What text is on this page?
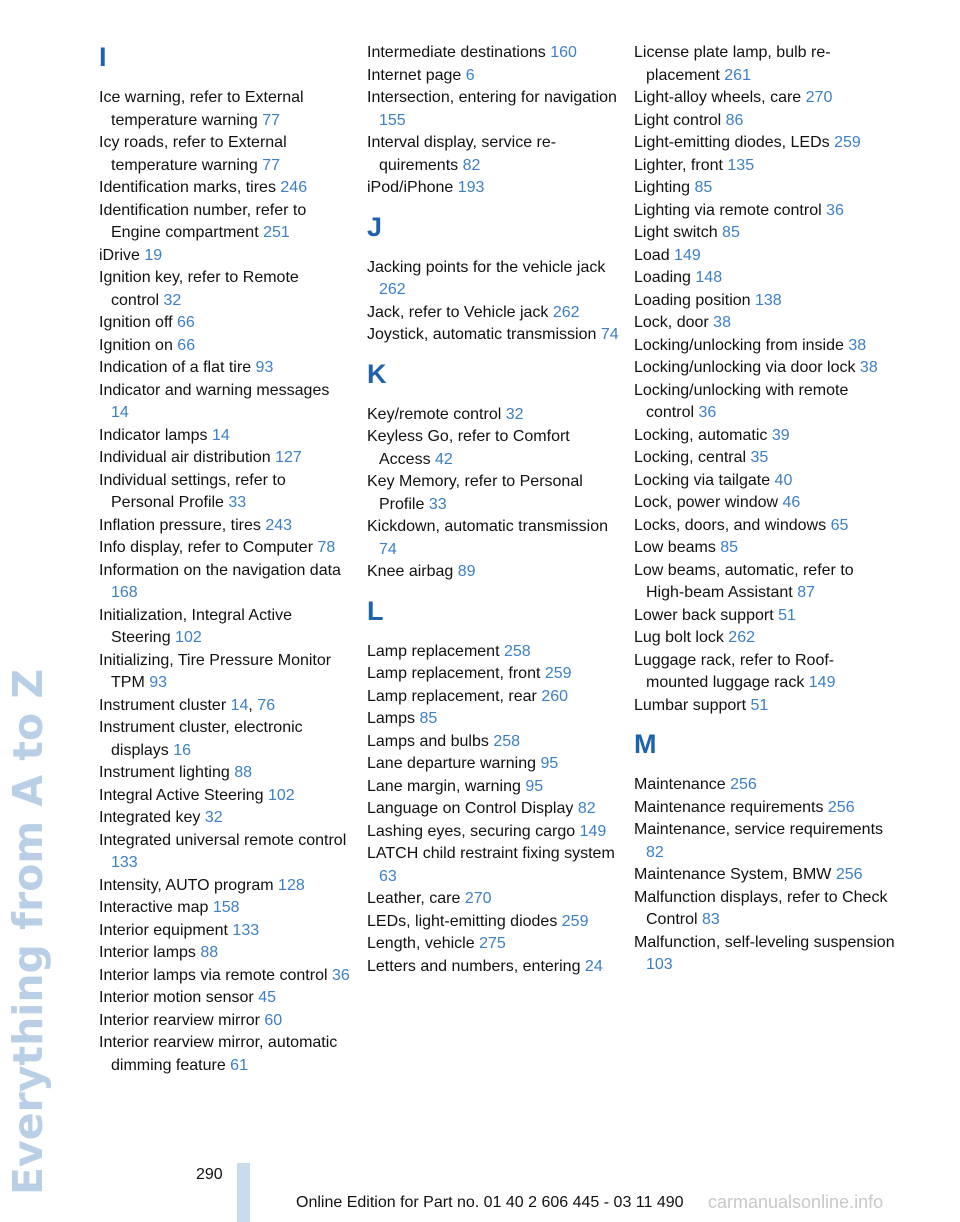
Everything from A to Z
I
Ice warning, refer to External temperature warning 77
Icy roads, refer to External temperature warning 77
Identification marks, tires 246
Identification number, refer to Engine compartment 251
iDrive 19
Ignition key, refer to Remote control 32
Ignition off 66
Ignition on 66
Indication of a flat tire 93
Indicator and warning messages 14
Indicator lamps 14
Individual air distribution 127
Individual settings, refer to Personal Profile 33
Inflation pressure, tires 243
Info display, refer to Computer 78
Information on the navigation data 168
Initialization, Integral Active Steering 102
Initializing, Tire Pressure Monitor TPM 93
Instrument cluster 14, 76
Instrument cluster, electronic displays 16
Instrument lighting 88
Integral Active Steering 102
Integrated key 32
Integrated universal remote control 133
Intensity, AUTO program 128
Interactive map 158
Interior equipment 133
Interior lamps 88
Interior lamps via remote control 36
Interior motion sensor 45
Interior rearview mirror 60
Interior rearview mirror, automatic dimming feature 61
Intermediate destinations 160
Internet page 6
Intersection, entering for navigation 155
Interval display, service requirements 82
iPod/iPhone 193
J
Jacking points for the vehicle jack 262
Jack, refer to Vehicle jack 262
Joystick, automatic transmission 74
K
Key/remote control 32
Keyless Go, refer to Comfort Access 42
Key Memory, refer to Personal Profile 33
Kickdown, automatic transmission 74
Knee airbag 89
L
Lamp replacement 258
Lamp replacement, front 259
Lamp replacement, rear 260
Lamps 85
Lamps and bulbs 258
Lane departure warning 95
Lane margin, warning 95
Language on Control Display 82
Lashing eyes, securing cargo 149
LATCH child restraint fixing system 63
Leather, care 270
LEDs, light-emitting diodes 259
Length, vehicle 275
Letters and numbers, entering 24
License plate lamp, bulb replacement 261
Light-alloy wheels, care 270
Light control 86
Light-emitting diodes, LEDs 259
Lighter, front 135
Lighting 85
Lighting via remote control 36
Light switch 85
Load 149
Loading 148
Loading position 138
Lock, door 38
Locking/unlocking from inside 38
Locking/unlocking via door lock 38
Locking/unlocking with remote control 36
Locking, automatic 39
Locking, central 35
Locking via tailgate 40
Lock, power window 46
Locks, doors, and windows 65
Low beams 85
Low beams, automatic, refer to High-beam Assistant 87
Lower back support 51
Lug bolt lock 262
Luggage rack, refer to Roof-mounted luggage rack 149
Lumbar support 51
M
Maintenance 256
Maintenance requirements 256
Maintenance, service requirements 82
Maintenance System, BMW 256
Malfunction displays, refer to Check Control 83
Malfunction, self-leveling suspension 103
290
Online Edition for Part no. 01 40 2 606 445 - 03 11 490 carmanualsonline.info
